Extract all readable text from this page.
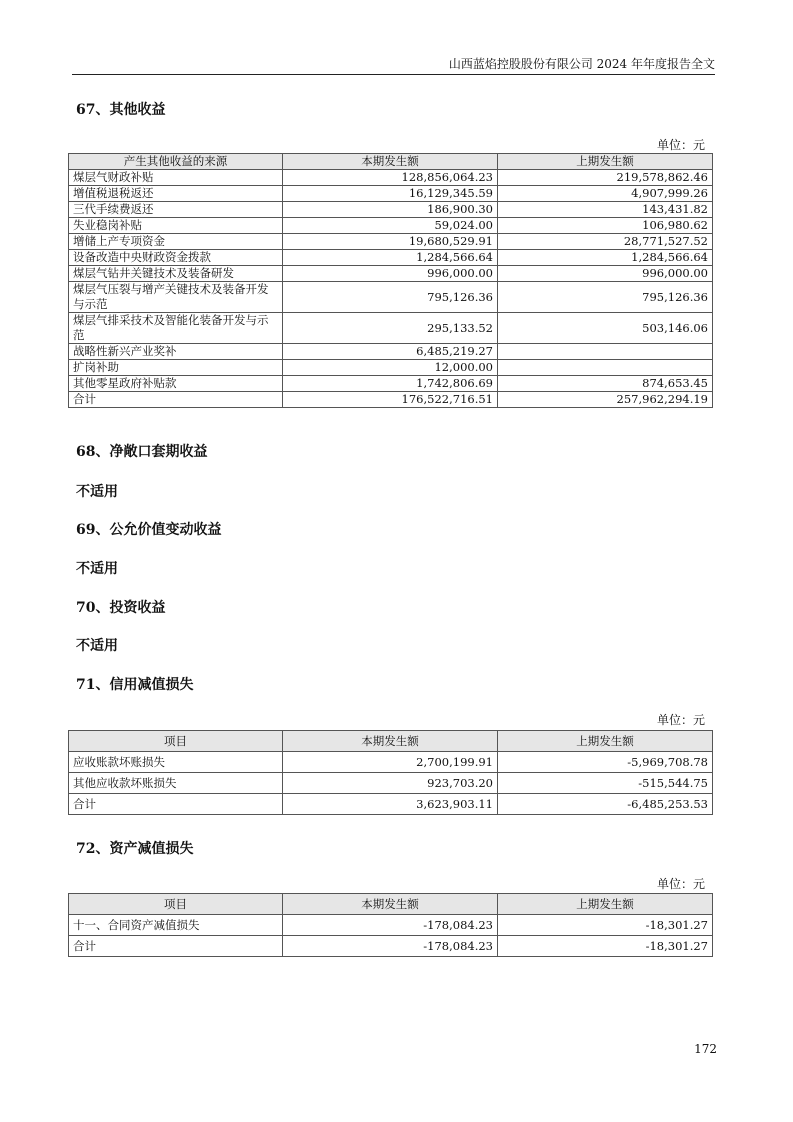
山西蓝焰控股股份有限公司 2024 年年度报告全文
67、其他收益
单位：元
产生其他收益的来源	本期发生额	上期发生额
煤层气财政补贴	128,856,064.23	219,578,862.46
增值税退税返还	16,129,345.59	4,907,999.26
三代手续费返还	186,900.30	143,431.82
失业稳岗补贴	59,024.00	106,980.62
增储上产专项资金	19,680,529.91	28,771,527.52
设备改造中央财政资金拨款	1,284,566.64	1,284,566.64
煤层气钻井关键技术及装备研发	996,000.00	996,000.00
煤层气压裂与增产关键技术及装备开发与示范	795,126.36	795,126.36
煤层气排采技术及智能化装备开发与示范	295,133.52	503,146.06
战略性新兴产业奖补	6,485,219.27	
扩岗补助	12,000.00	
其他零星政府补贴款	1,742,806.69	874,653.45
合计	176,522,716.51	257,962,294.19
68、净敞口套期收益
不适用
69、公允价值变动收益
不适用
70、投资收益
不适用
71、信用减值损失
单位：元
项目	本期发生额	上期发生额
应收账款坏账损失	2,700,199.91	-5,969,708.78
其他应收款坏账损失	923,703.20	-515,544.75
合计	3,623,903.11	-6,485,253.53
72、资产减值损失
单位：元
项目	本期发生额	上期发生额
十一、合同资产减值损失	-178,084.23	-18,301.27
合计	-178,084.23	-18,301.27
172
